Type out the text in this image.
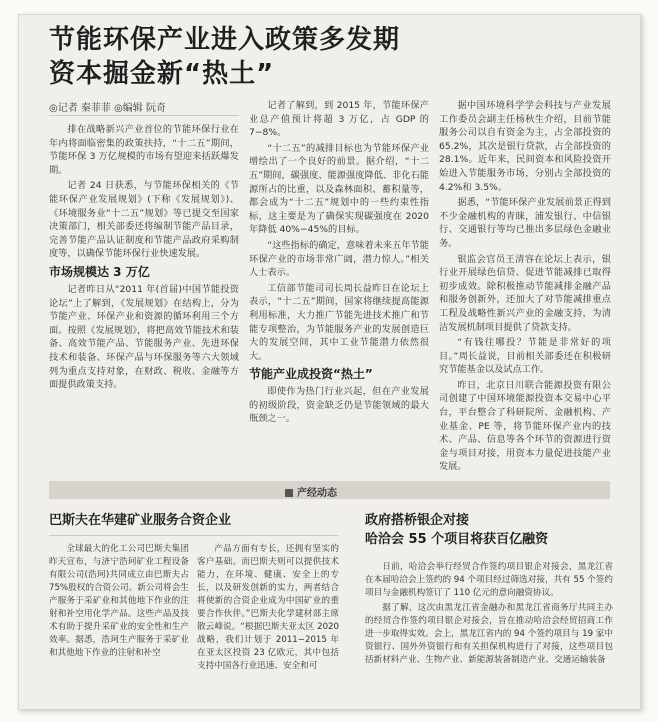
节能环保产业进入政策多发期
资本掘金新“热土”
◎记者 秦菲菲 ◎编辑 阮奇

排在战略新兴产业首位的节能环保行业在年内将面临密集的政策扶持，“十二五”期间，节能环保 3 万亿规模的市场有望迎来括跃爆发期。

记者 24 日获悉，与节能环保相关的《节能环保产业发展规划》(下称《发展规划》)、《环境服务业“十二五”规划》等已提交至国家决策部门，相关部委还将编制节能产品目录，完善节能产品认证制度和节能产品政府采购制度等，以确保节能环保行业快速发展。

市场规模达 3 万亿

记者昨日从“2011 年(首届)中国节能投资论坛”上了解到，《发展规划》在结构上，分为节能产业、环保产业和资源的循环利用三个方面。按照《发展规划》，将把高效节能技术和装备、高效节能产品、节能服务产业、先进环保技术和装备、环保产品与环保服务等六大领域列为重点支持对象，在财政、税收、金融等方面提供政策支持。

记者了解到，到 2015 年，节能环保产业总产值预计将超 3 万亿，占 GDP 的 7−8%。

“十二五”的减排目标也为节能环保产业增绘出了一个良好的前景。据介绍，“十二五”期间，碳强度、能源强度降低、非化石能源所占的比重，以及森林面积、蓄积量等，都会成为“十二五”规划中的一些约束性指标，这主要是为了确保实现碳强度在 2020 年降低 40%−45%的目标。

“这些指标的确定，意味着未来五年节能环保产业的市场非常广阔，潜力惊人。”相关人士表示。

工信部节能司司长周长益昨日在论坛上表示，“十二五”期间，国家将继续提高能源利用标准，大力推广节能先进技术推广和节能专项整治，为节能服务产业的发展创造巨大的发展空间，其中工业节能潜力依然很大。

节能产业成投资“热土”

即使作为热门行业兴起，但在产业发展的初级阶段，资金缺乏仍是节能领域的最大瓶颈之一。

据中国环境科学学会科技与产业发展工作委员会副主任杨秋生介绍，目前节能服务公司以自有资金为主，占全部投资的 65.2%，其次是银行贷款，占全部投资的 28.1%。近年来，民间资本和风险投资开始进入节能服务市场，分别占全部投资的 4.2%和 3.5%。

据悉，“节能环保产业发展前景正得到不少金融机构的青睐，浦发银行、中信银行、交通银行等均已推出多层绿色金融业务。

银监会官员王清容在论坛上表示，银行业开展绿色信贷、促进节能减排已取得初步成效。除积极推动节能减排金融产品和服务创新外，还加大了对节能减排重点工程及战略性新兴产业的金融支持，为清洁发展机制项目提供了贷款支持。

“有钱往哪投？节能是非常好的项目。”周长益说，目前相关部委还在积极研究节能基金以及试点工作。

昨日，北京日川联合能源投资有限公司创建了中国环境能源投资本交易中心平台，平台整合了科研院所、金融机构、产业基金、PE 等，将节能环保产业内的技术、产品、信息等各个环节的资源进行资金与项目对接，用资本力量促进技能产业发展。

产经动态
巴斯夫在华建矿业服务合资企业

全球最大的化工公司巴斯夫集团昨天宣布，与济宁浩珂矿业工程设备有限公司(浩珂)共同成立由巴斯夫占 75%股权的合资公司。新公司将会生产服务于采矿业和其他地下作业的注射和补空用化学产品。这些产品及技术有助于提升采矿业的安全性和生产效率。据悉，浩珂生产服务于采矿业和其他地下作业的注射和补空

产品方面有专长，还拥有坚实的客户基础。而巴斯夫则可以提供技术能力，在环境、健康、安全上的专长，以及研发创新的实力，两者结合将使新的合资企业成为中国矿业的重要合作伙伴。”巴斯夫化学建材部主席散云峰说。“根据巴斯夫亚太区 2020 战略，我们计划于 2011−2015 年在亚太区投资 23 亿欧元，其中包括支持中国各行业迅速、安全和可

政府搭桥银企对接
哈洽会 55 个项目将获百亿融资

日前，哈洽会举行经贸合作签约项目银企对接会，黑龙江省在本届哈洽会上签约的 94 个项目经过筛选对接，共有 55 个签约项目与金融机构签订了 110 亿元的意向融资协议。

据了解，这次由黑龙江省金融办和黑龙江省商务厅共同主办的经贸合作签约项目银企对接会，旨在推动哈洽会经贸招商工作进一步取得实效。会上，黑龙江省内的 94 个签约项目与 19 家中资银行、国外外资银行和有关担保机构进行了对接，这些项目包括新材料产业、生物产业、新能源装备制造产业、交通运输装备
